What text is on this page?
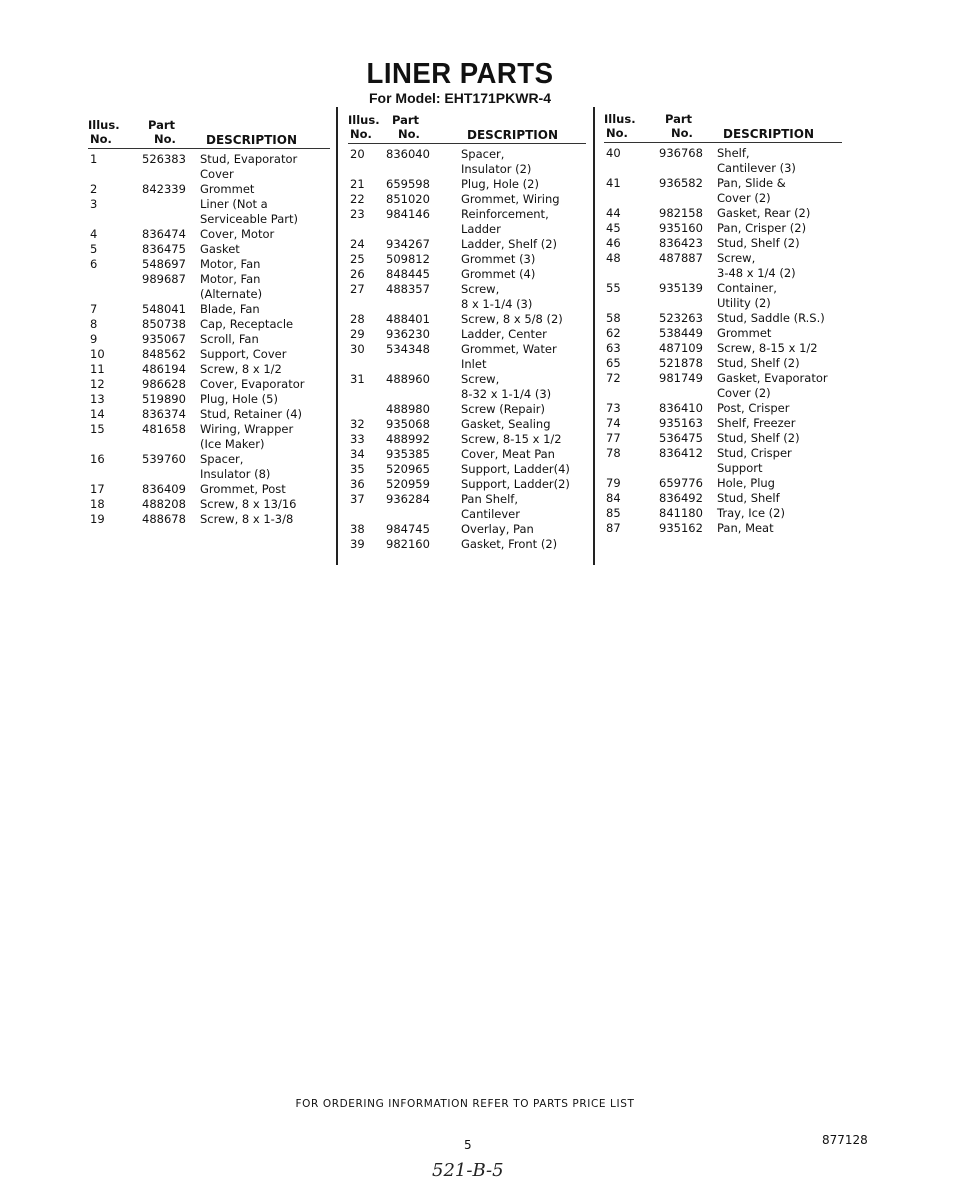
LINER PARTS
For Model: EHT171PKWR-4
Illus.
No.
Part
No.	DESCRIPTION
1	526383 Stud, Evaporator
Cover
2	842339 Grommet
3	Liner (Not a
Serviceable Part)
4	836474 Cover, Motor
5	836475 Gasket
6	548697 Motor, Fan
989687 Motor, Fan
(Alternate)
7	548041 Blade, Fan
8	850738 Cap, Receptacle
9	935067 Scroll, Fan
10	848562 Support, Cover
11	486194 Screw, 8 x 1/2
12	986628 Cover, Evaporator
13	519890 Plug, Hole (5)
14	836374 Stud, Retainer (4)
15	481658 Wiring, Wrapper
(Ice Maker)
16	539760 Spacer,
Insulator (8)
17	836409 Grommet, Post
18	488208 Screw, 8 x 13/16
19	488678 Screw, 8 x 1-3/8
Illus.
No.
Part
No.	DESCRIPTION
20 836040	Spacer,
Insulator (2)
21 659598	Plug, Hole (2)
22 851020	Grommet, Wiring
23 984146	Reinforcement,
Ladder
24 934267	Ladder, Shelf (2)
25 509812	Grommet (3)
26 848445	Grommet (4)
27 488357	Screw,
8 x 1-1/4 (3)
28 488401	Screw, 8 x 5/8 (2)
29 936230	Ladder, Center
30 534348	Grommet, Water
Inlet
31 488960	Screw,
8-32 x 1-1/4 (3)
488980	Screw (Repair)
32 935068	Gasket, Sealing
33 488992	Screw, 8-15 x 1/2
34 935385	Cover, Meat Pan
35 520965	Support, Ladder(4)
36 520959	Support, Ladder(2)
37 936284	Pan Shelf,
Cantilever
38 984745	Overlay, Pan
39 982160	Gasket, Front (2)
Illus.
No.
Part
No.	DESCRIPTION
40	936768 Shelf,
Cantilever (3)
41	936582 Pan, Slide &
Cover (2)
44	982158 Gasket, Rear (2)
45	935160 Pan, Crisper (2)
46	836423 Stud, Shelf (2)
48	487887 Screw,
3-48 x 1/4 (2)
55	935139 Container,
Utility (2)
58	523263 Stud, Saddle (R.S.)
62	538449 Grommet
63	487109 Screw, 8-15 x 1/2
65	521878 Stud, Shelf (2)
72	981749 Gasket, Evaporator
Cover (2)
73	836410 Post, Crisper
74	935163 Shelf, Freezer
77	536475 Stud, Shelf (2)
78	836412 Stud, Crisper
Support
79	659776 Hole, Plug
84	836492 Stud, Shelf
85	841180 Tray, Ice (2)
87	935162 Pan, Meat
FOR ORDERING INFORMATION REFER TO PARTS PRICE LIST
5	877128
521-B-5
